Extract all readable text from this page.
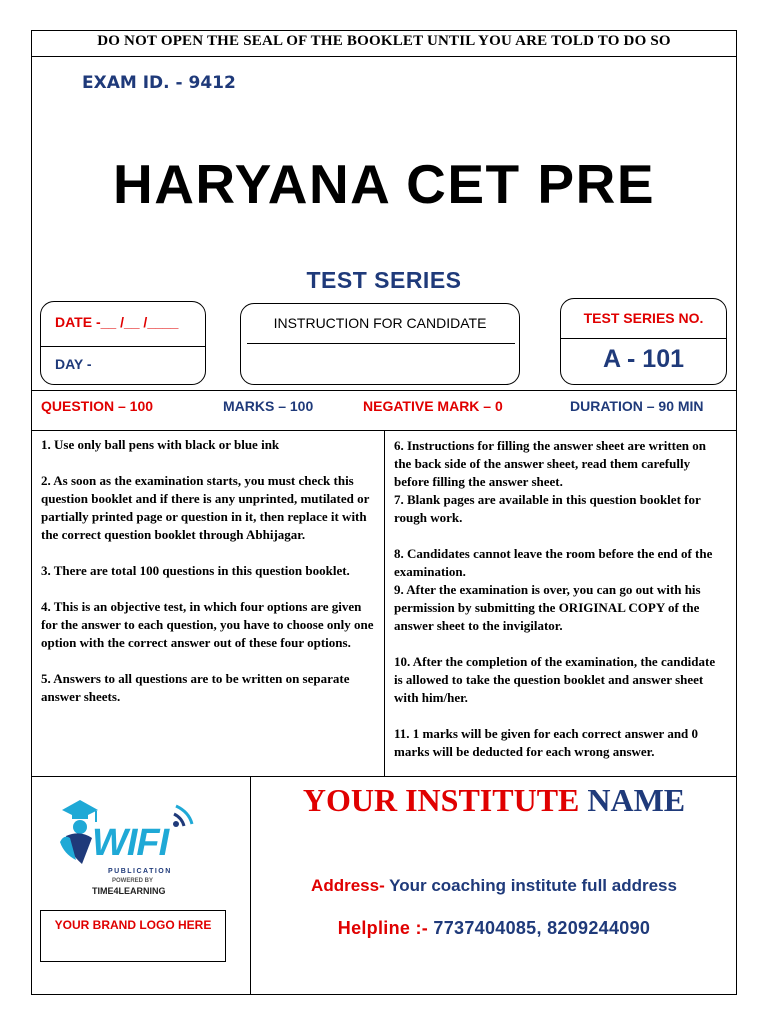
DO NOT OPEN THE SEAL OF THE BOOKLET UNTIL YOU ARE TOLD TO DO SO
EXAM ID. - 9412
HARYANA CET PRE
TEST SERIES
DATE -__ /__ /____
DAY -
INSTRUCTION FOR CANDIDATE	TEST SERIES NO.
A - 101
QUESTION – 100	MARKS – 100	NEGATIVE MARK – 0	DURATION – 90 MIN

1. Use only ball pens with black or blue ink

2. As soon as the examination starts, you must check this question booklet and if there is any unprinted, mutilated or partially printed page or question in it, then replace it with the correct question booklet through Abhijagar.

3. There are total 100 questions in this question booklet.

4. This is an objective test, in which four options are given for the answer to each question, you have to choose only one option with the correct answer out of these four options.

5. Answers to all questions are to be written on separate answer sheets.

6. Instructions for filling the answer sheet are written on the back side of the answer sheet, read them carefully before filling the answer sheet.

7. Blank pages are available in this question booklet for rough work.

8. Candidates cannot leave the room before the end of the examination.

9. After the examination is over, you can go out with his permission by submitting the ORIGINAL COPY of the answer sheet to the invigilator.

10. After the completion of the examination, the candidate is allowed to take the question booklet and answer sheet with him/her.

11. 1 marks will be given for each correct answer and 0 marks will be deducted for each wrong answer.

WIFI
PUBLICATION
POWERED BY
TIME4LEARNING
YOUR BRAND LOGO HERE
YOUR INSTITUTE NAME
Address- Your coaching institute full address
Helpline :- 7737404085, 8209244090
